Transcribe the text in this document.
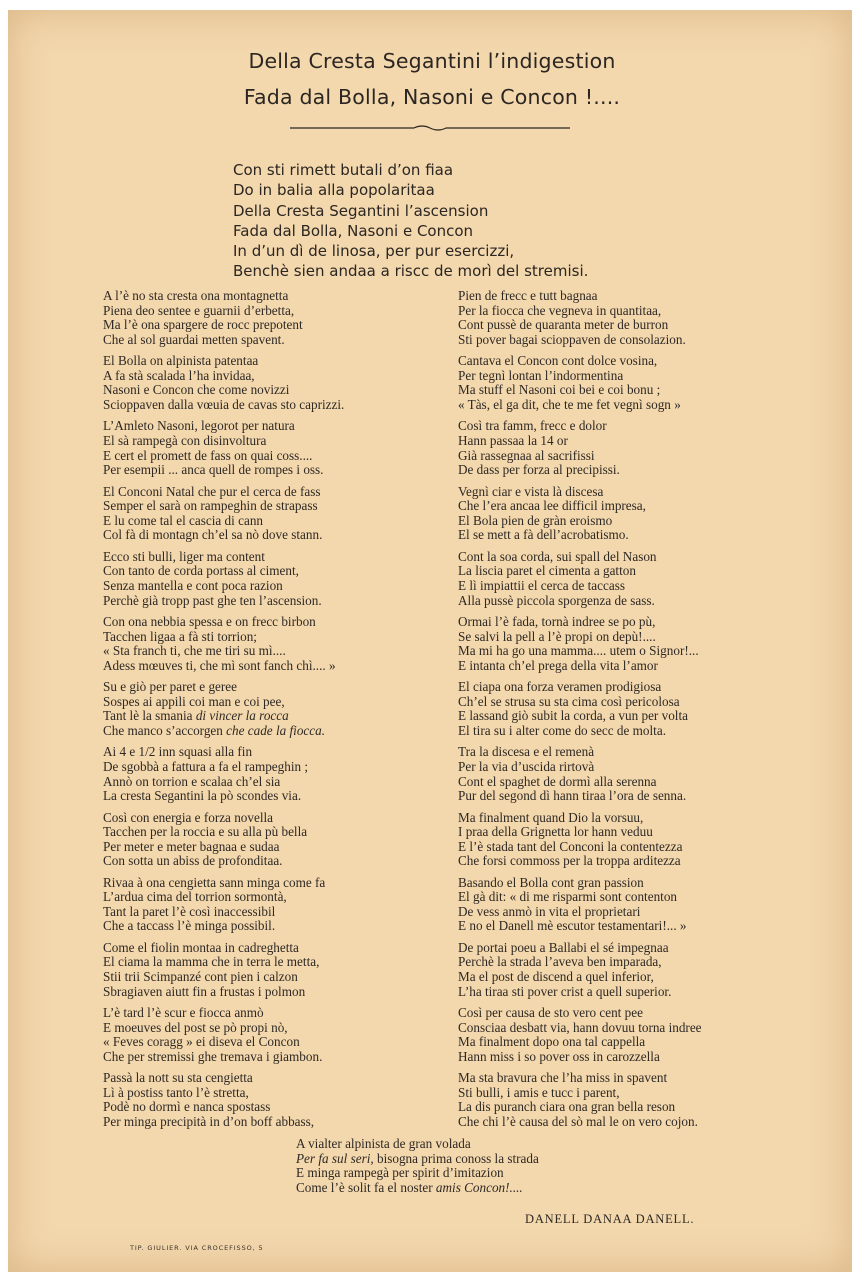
Della Cresta Segantini l’indigestion
Fada dal Bolla, Nasoni e Concon !....
Con sti rimett butali d’on fiaa
Do in balia alla popolaritaa
Della Cresta Segantini l’ascension
Fada dal Bolla, Nasoni e Concon
In d’un dì de linosa, per pur esercizzi,
Benchè sien andaa a riscc de morì del stremisi.
A l’è no sta cresta ona montagnetta
Piena deo sentee e guarnii d’erbetta,
Ma l’è ona spargere de rocc prepotent
Che al sol guardai metten spavent.
El Bolla on alpinista patentaa
A fa stà scalada l’ha invidaa,
Nasoni e Concon che come novizzi
Scioppaven dalla vœuia de cavas sto caprizzi.
L’Amleto Nasoni, legorot per natura
El sà rampegà con disinvoltura
E cert el promett de fass on quai coss....
Per esempii ... anca quell de rompes i oss.
El Conconi Natal che pur el cerca de fass
Semper el sarà on rampeghin de strapass
E lu come tal el cascia di cann
Col fà di montagn ch’el sa nò dove stann.
Ecco sti bulli, liger ma content
Con tanto de corda portass al ciment,
Senza mantella e cont poca razion
Perchè già tropp past ghe ten l’ascension.
Con ona nebbia spessa e on frecc birbon
Tacchen ligaa a fà sti torrion;
« Sta franch ti, che me tiri su mì....
Adess mœuves ti, che mì sont fanch chì.... »
Su e giò per paret e geree
Sospes ai appili coi man e coi pee,
Tant lè la smania di vincer la rocca
Che manco s’accorgen che cade la fiocca.
Ai 4 e 1/2 inn squasi alla fin
De sgobbà a fattura a fa el rampeghin ;
Annò on torrion e scalaa ch’el sia
La cresta Segantini la pò scondes via.
Così con energia e forza novella
Tacchen per la roccia e su alla pù bella
Per meter e meter bagnaa e sudaa
Con sotta un abiss de profonditaa.
Rivaa à ona cengietta sann minga come fa
L’ardua cima del torrion sormontà,
Tant la paret l’è così inaccessibil
Che a taccass l’è minga possibil.
Come el fiolin montaa in cadreghetta
El ciama la mamma che in terra le metta,
Stii trii Scimpanzé cont pien i calzon
Sbragiaven aiutt fin a frustas i polmon
L’è tard l’è scur e fiocca anmò
E moeuves del post se pò propi nò,
« Feves coragg » ei diseva el Concon
Che per stremissi ghe tremava i giambon.
Passà la nott su sta cengietta
Lì à postiss tanto l’è stretta,
Podè no dormì e nanca spostass
Per minga precipità in d’on boff abbass,
Pien de frecc e tutt bagnaa
Per la fiocca che vegneva in quantitaa,
Cont pussè de quaranta meter de burron
Sti pover bagai scioppaven de consolazion.
Cantava el Concon cont dolce vosina,
Per tegnì lontan l’indormentina
Ma stuff el Nasoni coi bei e coi bonu ;
« Tàs, el ga dit, che te me fet vegnì sogn »
Così tra famm, frecc e dolor
Hann passaa la 14 or
Già rassegnaa al sacrifissi
De dass per forza al precipissi.
Vegnì ciar e vista là discesa
Che l’era ancaa lee difficil impresa,
El Bola pien de gràn eroismo
El se mett a fà dell’acrobatismo.
Cont la soa corda, sui spall del Nason
La liscia paret el cimenta a gatton
E lì impiattii el cerca de taccass
Alla pussè piccola sporgenza de sass.
Ormai l’è fada, tornà indree se po pù,
Se salvi la pell a l’è propi on depù!....
Ma mi ha go una mamma.... utem o Signor!...
E intanta ch’el prega della vita l’amor
El ciapa ona forza veramen prodigiosa
Ch’el se strusa su sta cima così pericolosa
E lassand giò subit la corda, a vun per volta
El tira su i alter come do secc de molta.
Tra la discesa e el remenà
Per la via d’uscida rirtovà
Cont el spaghet de dormì alla serenna
Pur del segond dì hann tiraa l’ora de senna.
Ma finalment quand Dio la vorsuu,
I praa della Grignetta lor hann veduu
E l’è stada tant del Conconi la contentezza
Che forsi commoss per la troppa arditezza
Basando el Bolla cont gran passion
El gà dit: « di me risparmi sont contenton
De vess anmò in vita el proprietari
E no el Danell mè escutor testamentari!... »
De portai poeu a Ballabi el sé impegnaa
Perchè la strada l’aveva ben imparada,
Ma el post de discend a quel inferior,
L’ha tiraa sti pover crist a quell superior.
Così per causa de sto vero cent pee
Consciaa desbatt via, hann dovuu torna indree
Ma finalment dopo ona tal cappella
Hann miss i so pover oss in carozzella
Ma sta bravura che l’ha miss in spavent
Sti bulli, i amis e tucc i parent,
La dis puranch ciara ona gran bella reson
Che chi l’è causa del sò mal le on vero cojon.
A vialter alpinista de gran volada
Per fa sul seri, bisogna prima conoss la strada
E minga rampegà per spirit d’imitazion
Come l’è solit fa el noster amis Concon!....
DANELL DANAA DANELL.
TIP. GIULIER. VIA CROCEFISSO, 5
